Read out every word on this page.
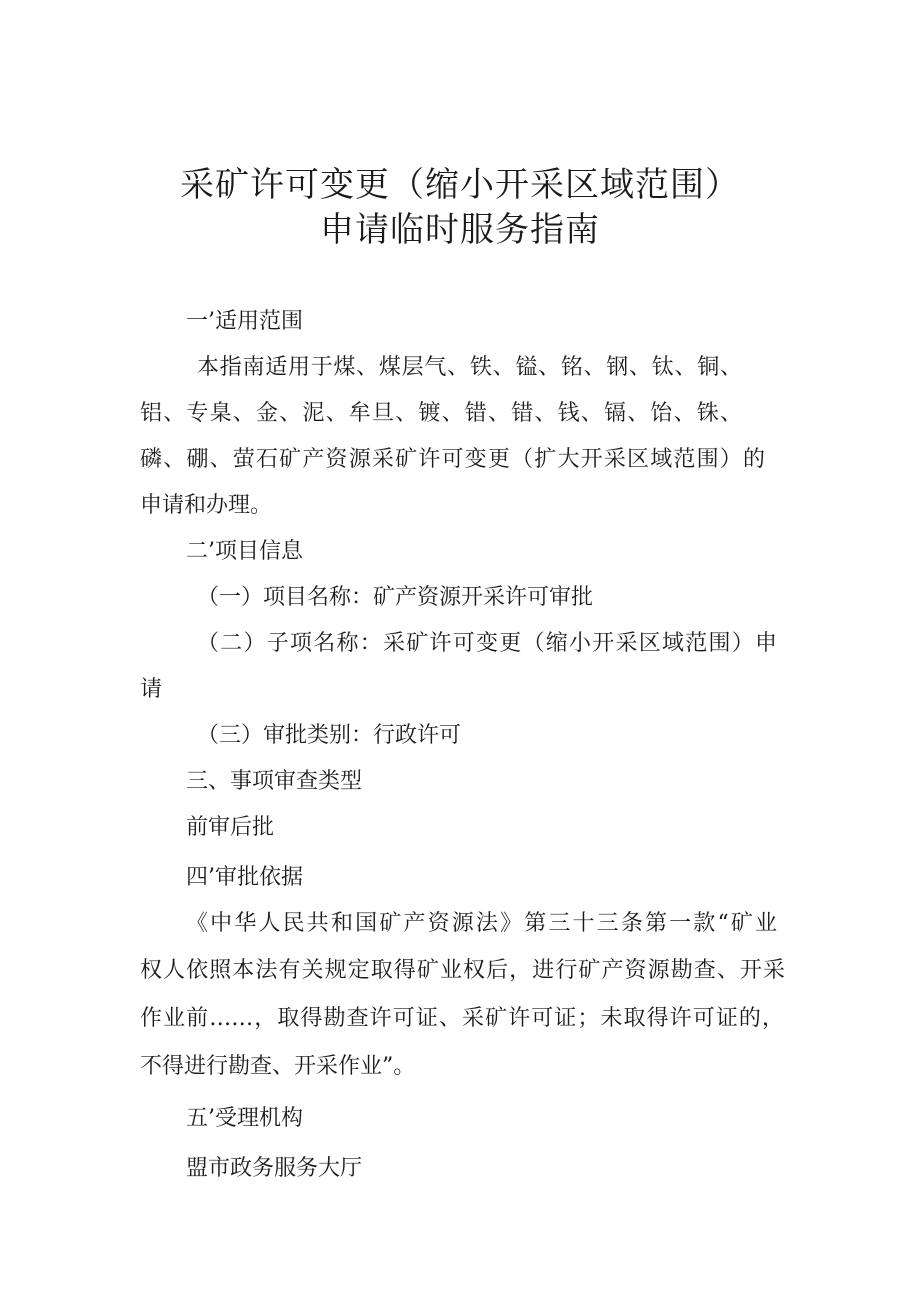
采矿许可变更（缩小开采区域范围）
申请临时服务指南
一’适用范围
本指南适用于煤、煤层气、铁、镒、铭、钢、钛、铜、
铝、专臬、金、泥、牟旦、镀、错、错、钱、镉、饴、铢、
磷、硼、萤石矿产资源采矿许可变更（扩大开采区域范围）的
申请和办理。
二’项目信息
（一）项目名称：矿产资源开采许可审批
（二）子项名称：采矿许可变更（缩小开采区域范围）申
请
（三）审批类别：行政许可
三、事项审查类型
前审后批
四’审批依据
《中华人民共和国矿产资源法》第三十三条第一款“矿业
权人依照本法有关规定取得矿业权后，进行矿产资源勘查、开采
作业前……，取得勘查许可证、采矿许可证；未取得许可证的，
不得进行勘查、开采作业”。
五’受理机构
盟市政务服务大厅
